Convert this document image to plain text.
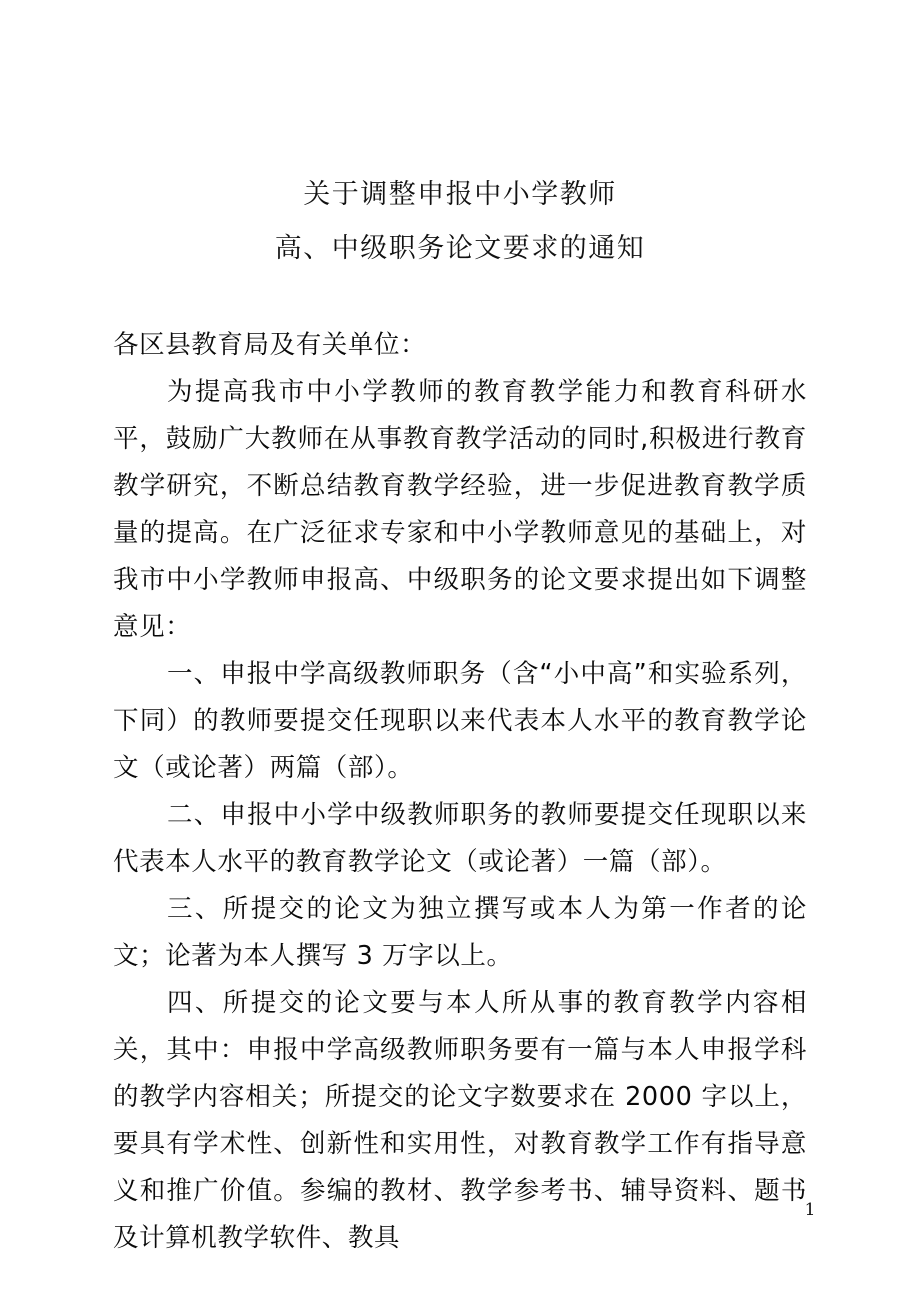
关于调整申报中小学教师
高、中级职务论文要求的通知

各区县教育局及有关单位：

为提高我市中小学教师的教育教学能力和教育科研水平，鼓励广大教师在从事教育教学活动的同时,积极进行教育教学研究，不断总结教育教学经验，进一步促进教育教学质量的提高。在广泛征求专家和中小学教师意见的基础上，对我市中小学教师申报高、中级职务的论文要求提出如下调整意见：

一、申报中学高级教师职务（含“小中高”和实验系列，下同）的教师要提交任现职以来代表本人水平的教育教学论文（或论著）两篇（部）。

二、申报中小学中级教师职务的教师要提交任现职以来代表本人水平的教育教学论文（或论著）一篇（部）。

三、所提交的论文为独立撰写或本人为第一作者的论文；论著为本人撰写 3 万字以上。

四、所提交的论文要与本人所从事的教育教学内容相关，其中：申报中学高级教师职务要有一篇与本人申报学科的教学内容相关；所提交的论文字数要求在 2000 字以上，要具有学术性、创新性和实用性，对教育教学工作有指导意义和推广价值。参编的教材、教学参考书、辅导资料、题书及计算机教学软件、教具

1
